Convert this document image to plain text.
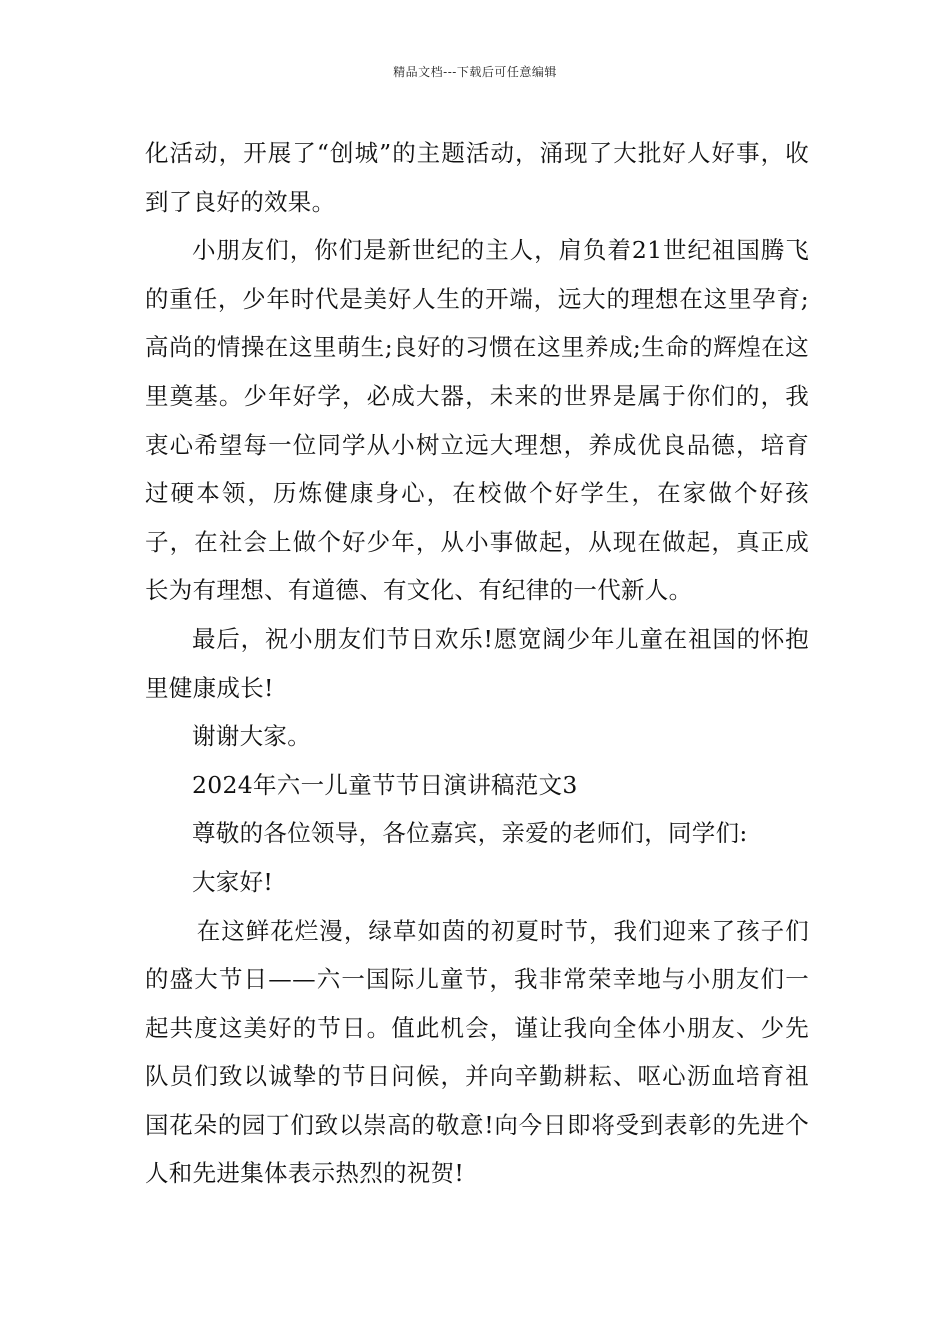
精品文档---下载后可任意编辑

化活动，开展了“创城”的主题活动，涌现了大批好人好事，收到了良好的效果。

小朋友们，你们是新世纪的主人，肩负着21世纪祖国腾飞的重任，少年时代是美好人生的开端，远大的理想在这里孕育;高尚的情操在这里萌生;良好的习惯在这里养成;生命的辉煌在这里奠基。少年好学，必成大器，未来的世界是属于你们的，我衷心希望每一位同学从小树立远大理想，养成优良品德，培育过硬本领，历炼健康身心，在校做个好学生，在家做个好孩子，在社会上做个好少年，从小事做起，从现在做起，真正成长为有理想、有道德、有文化、有纪律的一代新人。

最后，祝小朋友们节日欢乐!愿宽阔少年儿童在祖国的怀抱里健康成长!

谢谢大家。

2024年六一儿童节节日演讲稿范文3

尊敬的各位领导，各位嘉宾，亲爱的老师们，同学们:

大家好!

在这鲜花烂漫，绿草如茵的初夏时节，我们迎来了孩子们的盛大节日——六一国际儿童节，我非常荣幸地与小朋友们一起共度这美好的节日。值此机会，谨让我向全体小朋友、少先队员们致以诚挚的节日问候，并向辛勤耕耘、呕心沥血培育祖国花朵的园丁们致以崇高的敬意!向今日即将受到表彰的先进个人和先进集体表示热烈的祝贺!
